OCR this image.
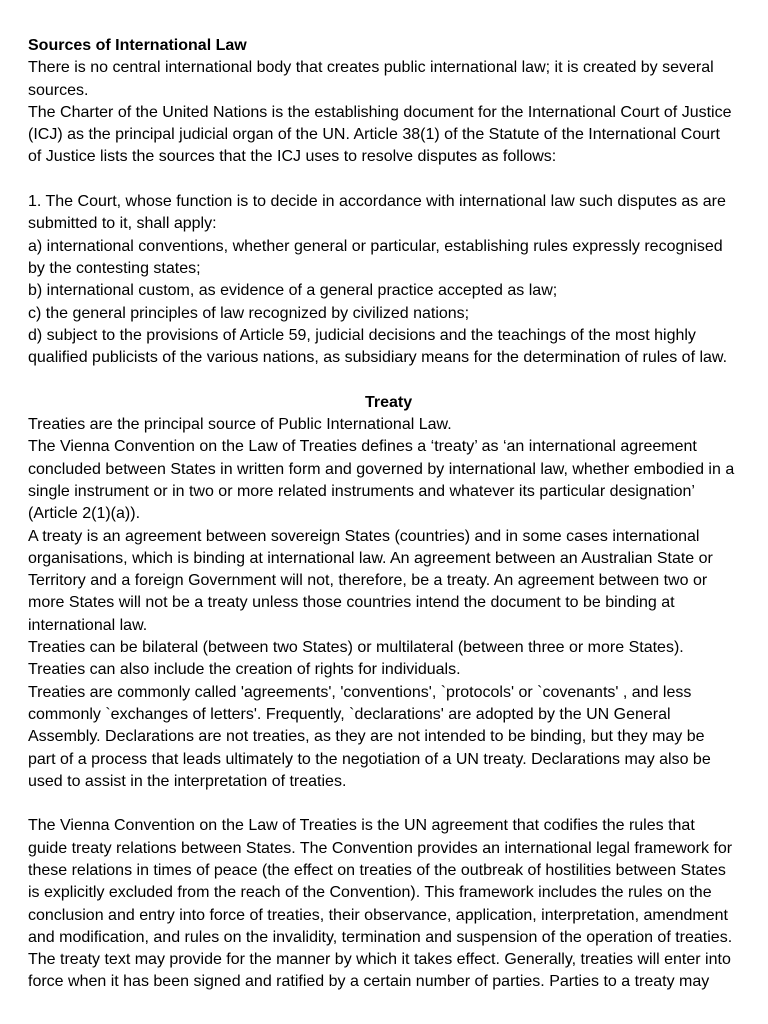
Sources of International Law
There is no central international body that creates public international law; it is created by several
sources.
The Charter of the United Nations is the establishing document for the International Court of Justice
(ICJ) as the principal judicial organ of the UN. Article 38(1) of the Statute of the International Court
of Justice lists the sources that the ICJ uses to resolve disputes as follows:
1. The Court, whose function is to decide in accordance with international law such disputes as are
submitted to it, shall apply:
a) international conventions, whether general or particular, establishing rules expressly recognised
by the contesting states;
b) international custom, as evidence of a general practice accepted as law;
c) the general principles of law recognized by civilized nations;
d) subject to the provisions of Article 59, judicial decisions and the teachings of the most highly
qualified publicists of the various nations, as subsidiary means for the determination of rules of law.
Treaty
Treaties are the principal source of Public International Law.
The Vienna Convention on the Law of Treaties defines a ‘treaty’ as ‘an international agreement
concluded between States in written form and governed by international law, whether embodied in a
single instrument or in two or more related instruments and whatever its particular designation’
(Article 2(1)(a)).
A treaty is an agreement between sovereign States (countries) and in some cases international
organisations, which is binding at international law. An agreement between an Australian State or
Territory and a foreign Government will not, therefore, be a treaty. An agreement between two or
more States will not be a treaty unless those countries intend the document to be binding at
international law.
Treaties can be bilateral (between two States) or multilateral (between three or more States).
Treaties can also include the creation of rights for individuals.
Treaties are commonly called 'agreements', 'conventions', `protocols' or `covenants' , and less
commonly `exchanges of letters'. Frequently, `declarations' are adopted by the UN General
Assembly. Declarations are not treaties, as they are not intended to be binding, but they may be
part of a process that leads ultimately to the negotiation of a UN treaty. Declarations may also be
used to assist in the interpretation of treaties.
The Vienna Convention on the Law of Treaties is the UN agreement that codifies the rules that
guide treaty relations between States. The Convention provides an international legal framework for
these relations in times of peace (the effect on treaties of the outbreak of hostilities between States
is explicitly excluded from the reach of the Convention). This framework includes the rules on the
conclusion and entry into force of treaties, their observance, application, interpretation, amendment
and modification, and rules on the invalidity, termination and suspension of the operation of treaties.
The treaty text may provide for the manner by which it takes effect. Generally, treaties will enter into
force when it has been signed and ratified by a certain number of parties. Parties to a treaty may
